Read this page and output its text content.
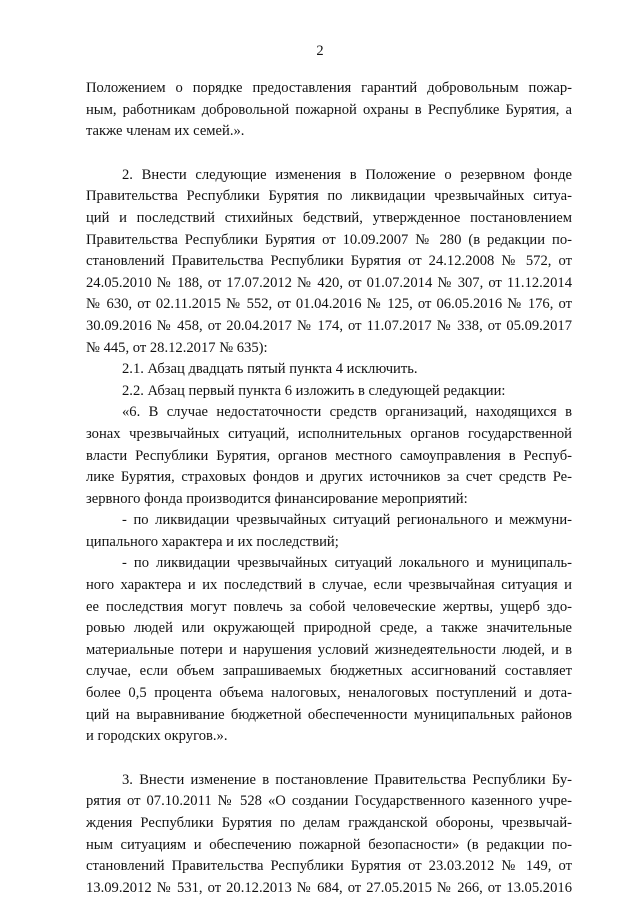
2
Положением о порядке предоставления гарантий добровольным пожар-
ным, работникам добровольной пожарной охраны в Республике Бурятия, а
также членам их семей.».
2. Внести следующие изменения в Положение о резервном фонде
Правительства Республики Бурятия по ликвидации чрезвычайных ситуа-
ций и последствий стихийных бедствий, утвержденное постановлением
Правительства Республики Бурятия от 10.09.2007 № 280 (в редакции по-
становлений Правительства Республики Бурятия от 24.12.2008 № 572, от
24.05.2010 № 188, от 17.07.2012 № 420, от 01.07.2014 № 307, от 11.12.2014
№ 630, от 02.11.2015 № 552, от 01.04.2016 № 125, от 06.05.2016 № 176, от
30.09.2016 № 458, от 20.04.2017 № 174, от 11.07.2017 № 338, от 05.09.2017
№ 445, от 28.12.2017 № 635):
2.1. Абзац двадцать пятый пункта 4 исключить.
2.2. Абзац первый пункта 6 изложить в следующей редакции:
«6. В случае недостаточности средств организаций, находящихся в
зонах чрезвычайных ситуаций, исполнительных органов государственной
власти Республики Бурятия, органов местного самоуправления в Респуб-
лике Бурятия, страховых фондов и других источников за счет средств Ре-
зервного фонда производится финансирование мероприятий:
- по ликвидации чрезвычайных ситуаций регионального и межмуни-
ципального характера и их последствий;
- по ликвидации чрезвычайных ситуаций локального и муниципаль-
ного характера и их последствий в случае, если чрезвычайная ситуация и
ее последствия могут повлечь за собой человеческие жертвы, ущерб здо-
ровью людей или окружающей природной среде, а также значительные
материальные потери и нарушения условий жизнедеятельности людей, и в
случае, если объем запрашиваемых бюджетных ассигнований составляет
более 0,5 процента объема налоговых, неналоговых поступлений и дота-
ций на выравнивание бюджетной обеспеченности муниципальных районов
и городских округов.».
3. Внести изменение в постановление Правительства Республики Бу-
рятия от 07.10.2011 № 528 «О создании Государственного казенного учре-
ждения Республики Бурятия по делам гражданской обороны, чрезвычай-
ным ситуациям и обеспечению пожарной безопасности» (в редакции по-
становлений Правительства Республики Бурятия от 23.03.2012 № 149, от
13.09.2012 № 531, от 20.12.2013 № 684, от 27.05.2015 № 266, от 13.05.2016
